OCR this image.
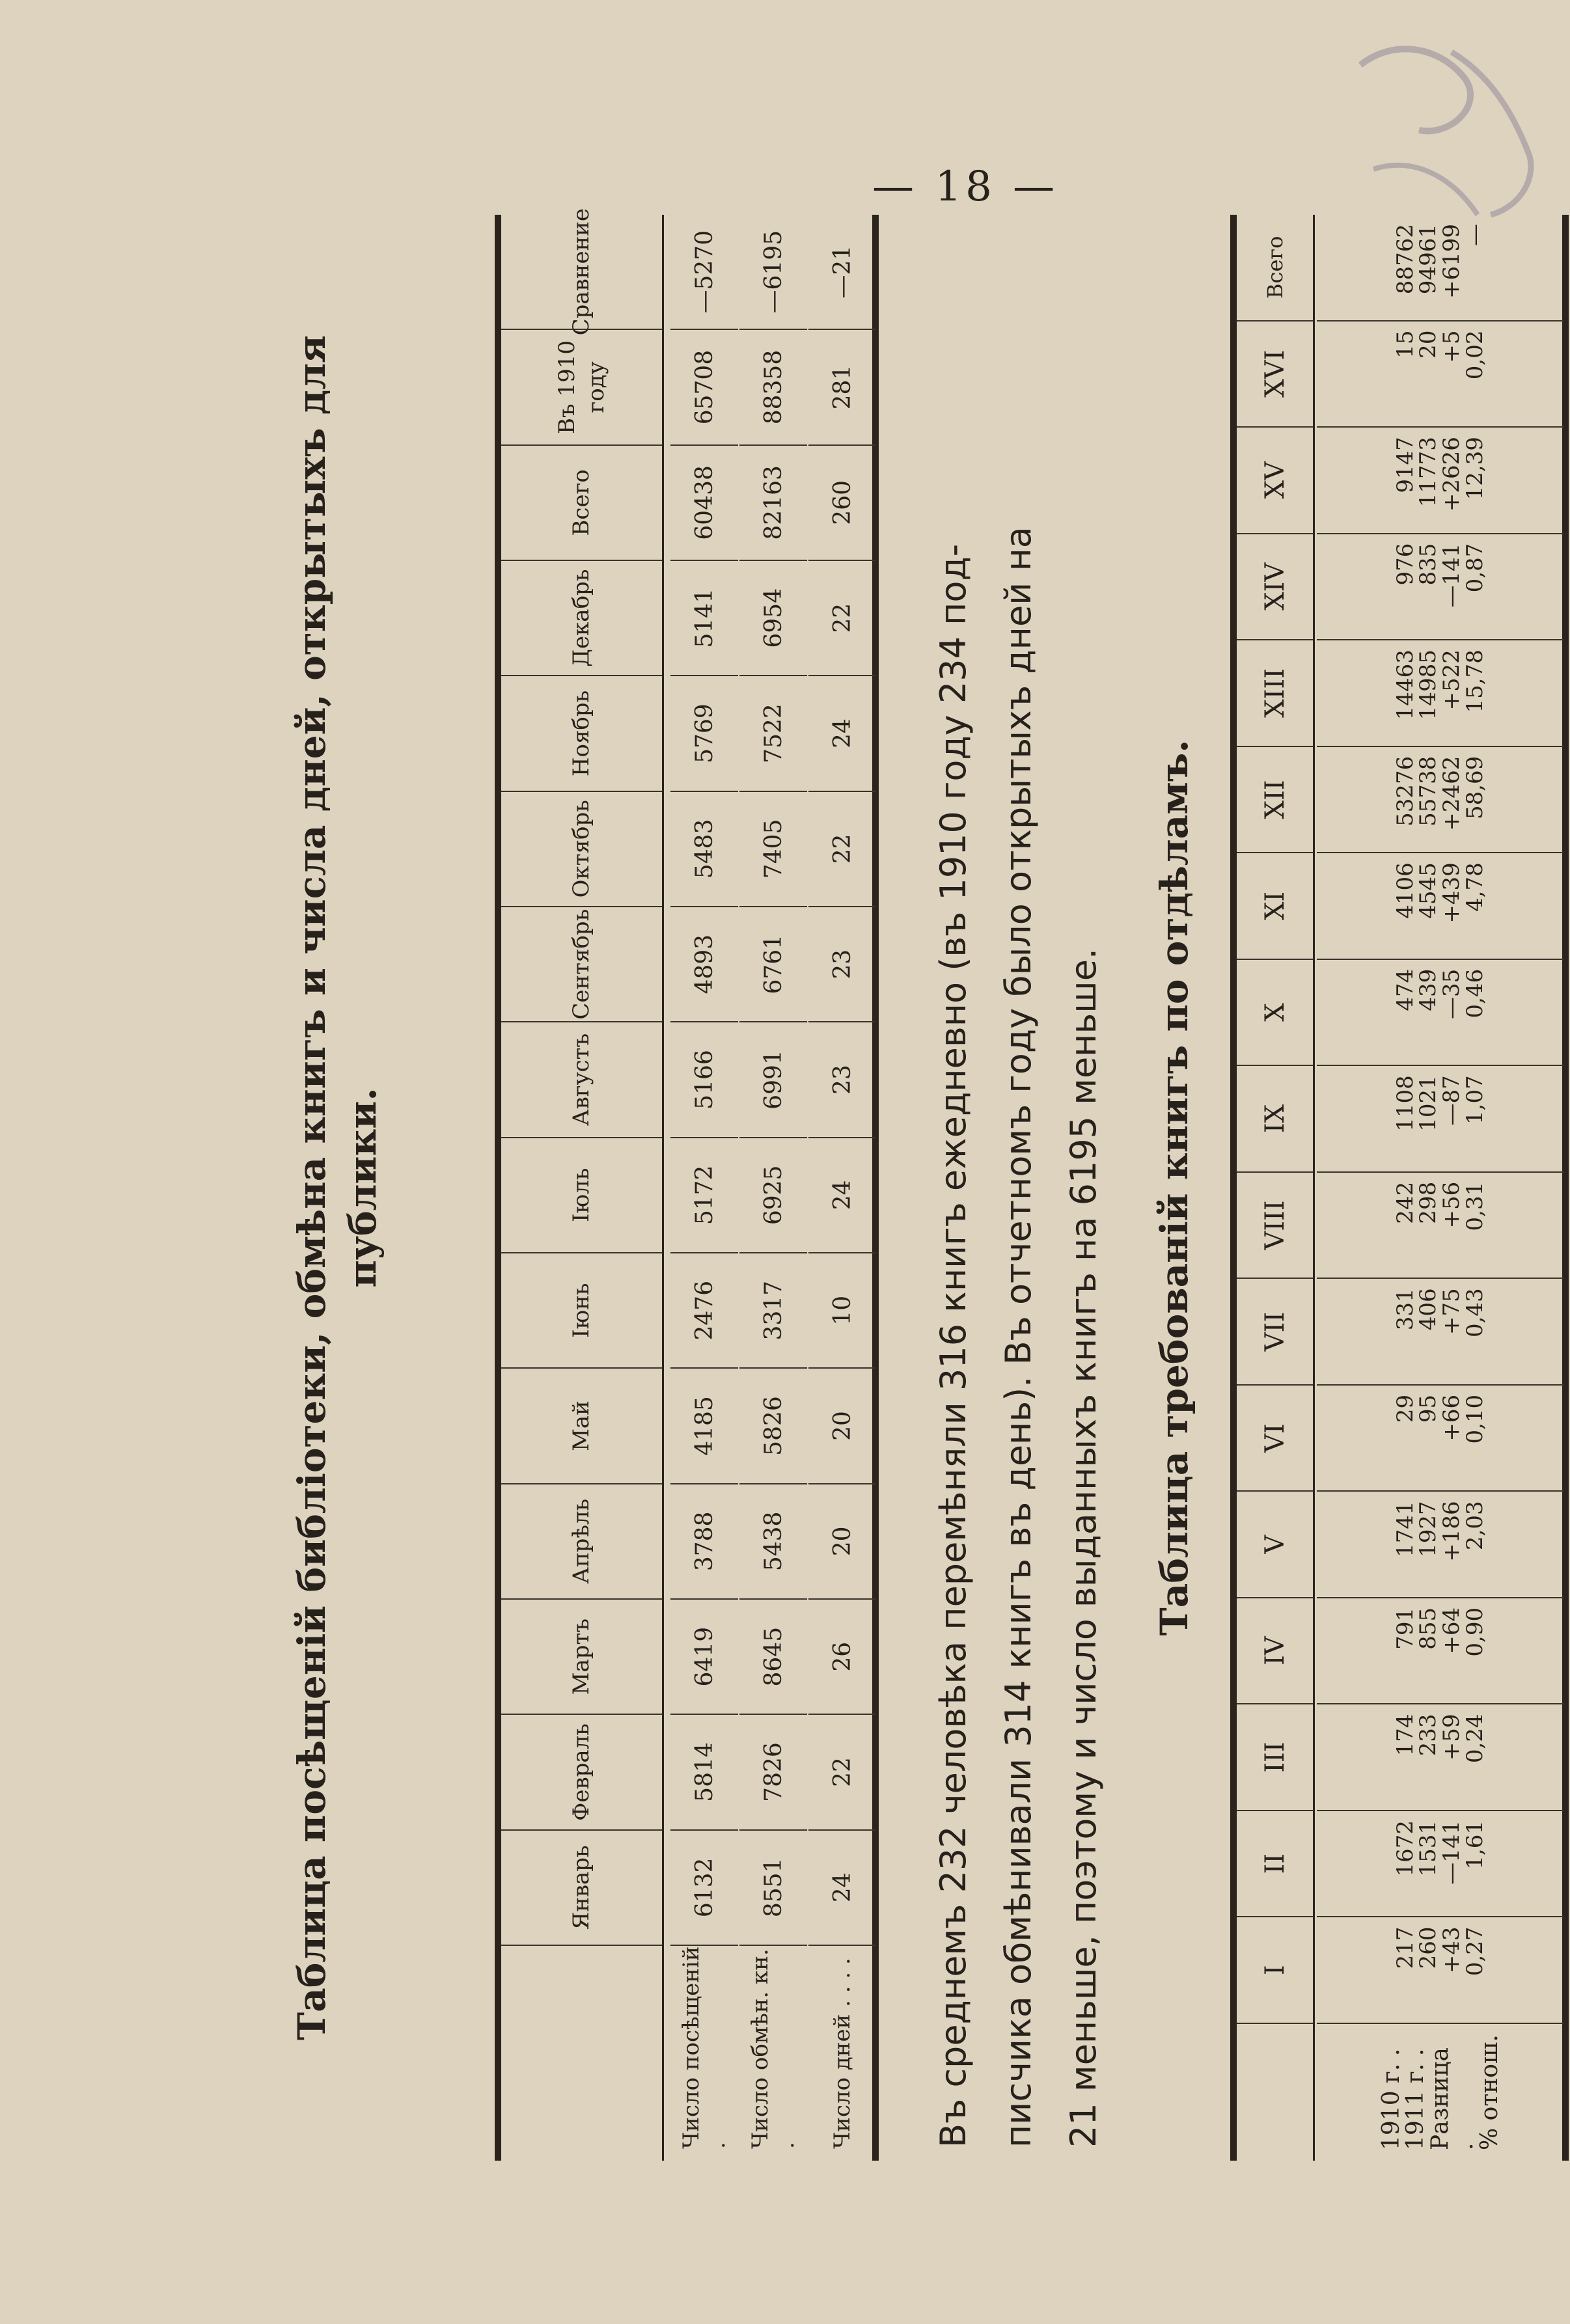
— 18 —
Таблица посѣщеній библіотеки, обмѣна книгъ и числа дней, открытыхъ для публики.
Январь
Февраль
Мартъ
Апрѣль
Май
Іюнь
Іюль
Августъ
Сентябрь
Октябрь
Ноябрь
Декабрь
Всего
Въ 1910 году
Сравнение
Число посѣщеній .
6132
5814
6419
3788
4185
2476
5172
5166
4893
5483
5769
5141
60438
65708
—5270
Число обмѣн. кн. .
8551
7826
8645
5438
5826
3317
6925
6991
6761
7405
7522
6954
82163
88358
—6195
Число дней . . . .
24
22
26
20
20
10
24
23
23
22
24
22
260
281
—21
Въ среднемъ 232 человѣка перемѣняли 316 книгъ ежедневно (въ 1910 году 234 под- писчика обмѣнивали 314 книгъ въ день). Въ отчетномъ году было открытыхъ дней на 21 меньше, поэтому и число выданныхъ книгъ на 6195 меньше.	Таблица требованій книгъ по отдѣламъ.
I
II
III
IV
V
VI
VII
VIII
IX
X
XI
XII
XIII
XIV
XV
XVI
Всего
1910 г. .
1911 г. .
Разница .
% отнош.
217
260
+43
0,27
1672
1531
—141
1,61
174
233
+59
0,24
791
855
+64
0,90
1741
1927
+186
2,03
29
95
+66
0,10
331
406
+75
0,43
242
298
+56
0,31
1108
1021
—87
1,07
474
439
—35
0,46
4106
4545
+439
4,78
53276
55738
+2462
58,69
14463
14985
+522
15,78
976
835
—141
0,87
9147
11773
+2626
12,39
15
20
+5
0,02
88762
94961
+6199
—
